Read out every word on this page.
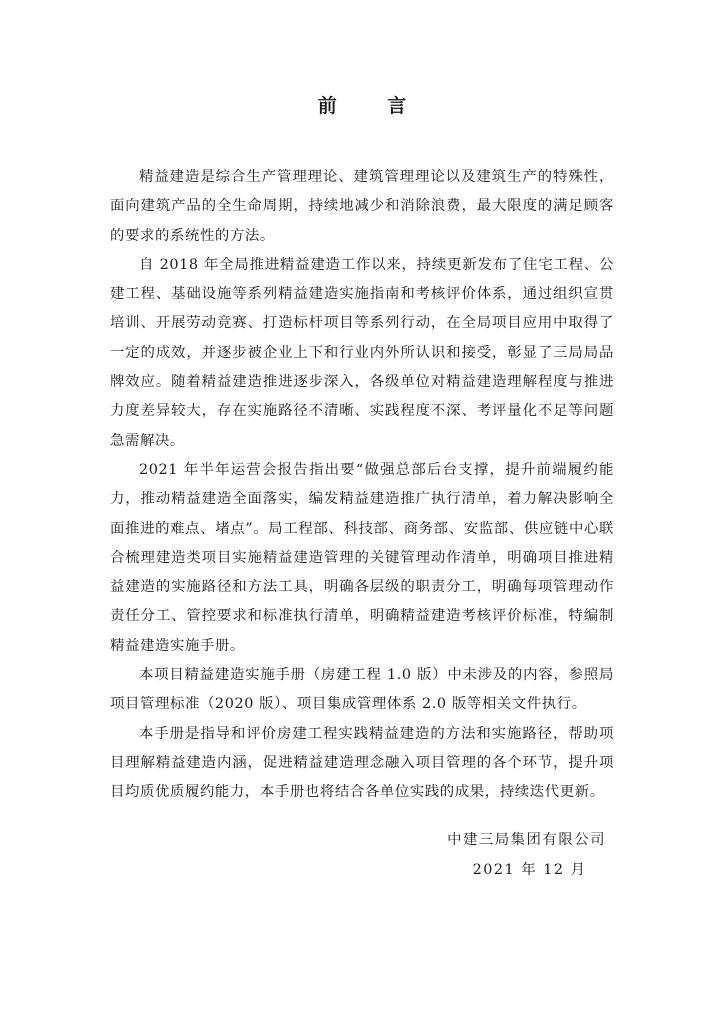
前 言

精益建造是综合生产管理理论、建筑管理理论以及建筑生产的特殊性，面向建筑产品的全生命周期，持续地减少和消除浪费，最大限度的满足顾客的要求的系统性的方法。

自 2018 年全局推进精益建造工作以来，持续更新发布了住宅工程、公建工程、基础设施等系列精益建造实施指南和考核评价体系，通过组织宣贯培训、开展劳动竞赛、打造标杆项目等系列行动，在全局项目应用中取得了一定的成效，并逐步被企业上下和行业内外所认识和接受，彰显了三局局品牌效应。随着精益建造推进逐步深入，各级单位对精益建造理解程度与推进力度差异较大，存在实施路径不清晰、实践程度不深、考评量化不足等问题急需解决。

2021 年半年运营会报告指出要“做强总部后台支撑，提升前端履约能力，推动精益建造全面落实，编发精益建造推广执行清单，着力解决影响全面推进的难点、堵点”。局工程部、科技部、商务部、安监部、供应链中心联合梳理建造类项目实施精益建造管理的关键管理动作清单，明确项目推进精益建造的实施路径和方法工具，明确各层级的职责分工，明确每项管理动作责任分工、管控要求和标准执行清单，明确精益建造考核评价标准，特编制精益建造实施手册。

本项目精益建造实施手册（房建工程 1.0 版）中未涉及的内容，参照局项目管理标准（2020 版）、项目集成管理体系 2.0 版等相关文件执行。

本手册是指导和评价房建工程实践精益建造的方法和实施路径，帮助项目理解精益建造内涵，促进精益建造理念融入项目管理的各个环节，提升项目均质优质履约能力，本手册也将结合各单位实践的成果，持续迭代更新。

中建三局集团有限公司
2021 年 12 月
